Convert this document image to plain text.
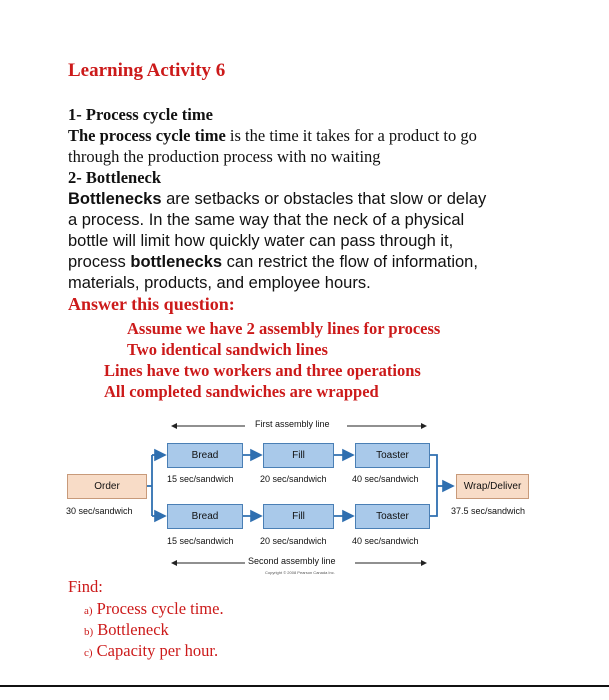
Learning Activity 6
1- Process cycle time
The process cycle time is the time it takes for a product to go
through the production process with no waiting
2- Bottleneck
Bottlenecks are setbacks or obstacles that slow or delay
a process. In the same way that the neck of a physical
bottle will limit how quickly water can pass through it,
process bottlenecks can restrict the flow of information,
materials, products, and employee hours.
Answer this question:
Assume we have 2 assembly lines for process
Two identical sandwich lines
Lines have two workers and three operations
All completed sandwiches are wrapped
First assembly line
Second assembly line
Copyright © 2008 Pearson Canada Inc.
Order
30 sec/sandwich
Bread	Fill	Toaster
15 sec/sandwich	20 sec/sandwich	40 sec/sandwich
Bread	Fill	Toaster
15 sec/sandwich	20 sec/sandwich	40 sec/sandwich
Wrap/Deliver
37.5 sec/sandwich
Find:
a) Process cycle time.
b) Bottleneck
c) Capacity per hour.
